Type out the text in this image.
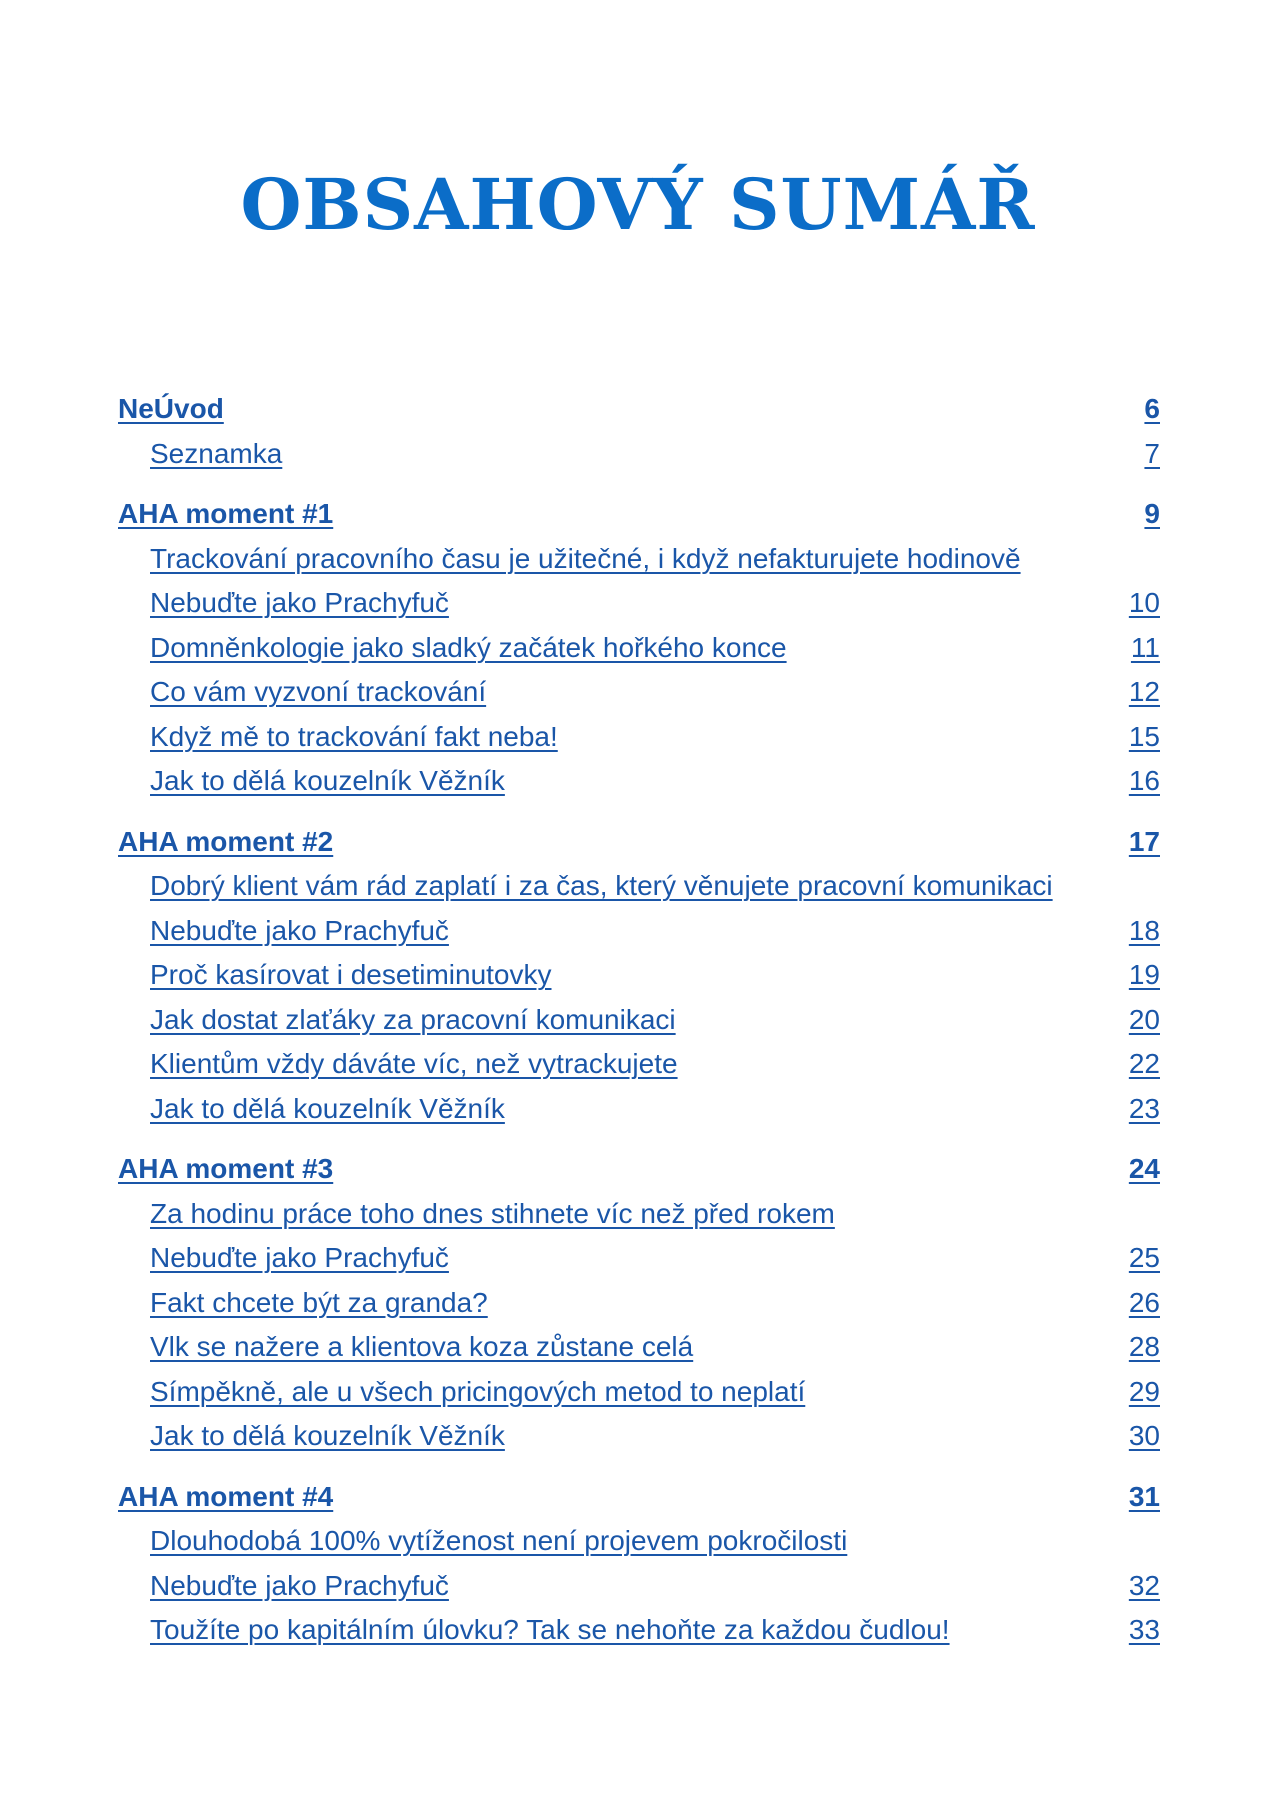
OBSAHOVÝ SUMÁŘ
NeÚvod	6
Seznamka	7
AHA moment #1	9
Trackování pracovního času je užitečné, i když nefakturujete hodinově
Nebuďte jako Prachyfuč	10
Domněnkologie jako sladký začátek hořkého konce	11
Co vám vyzvoní trackování	12
Když mě to trackování fakt neba!	15
Jak to dělá kouzelník Věžník	16
AHA moment #2	17
Dobrý klient vám rád zaplatí i za čas, který věnujete pracovní komunikaci
Nebuďte jako Prachyfuč	18
Proč kasírovat i desetiminutovky	19
Jak dostat zlaťáky za pracovní komunikaci	20
Klientům vždy dáváte víc, než vytrackujete	22
Jak to dělá kouzelník Věžník	23
AHA moment #3	24
Za hodinu práce toho dnes stihnete víc než před rokem
Nebuďte jako Prachyfuč	25
Fakt chcete být za granda?	26
Vlk se nažere a klientova koza zůstane celá	28
Símpěkně, ale u všech pricingových metod to neplatí	29
Jak to dělá kouzelník Věžník	30
AHA moment #4	31
Dlouhodobá 100% vytíženost není projevem pokročilosti
Nebuďte jako Prachyfuč	32
Toužíte po kapitálním úlovku? Tak se nehoňte za každou čudlou!	33
